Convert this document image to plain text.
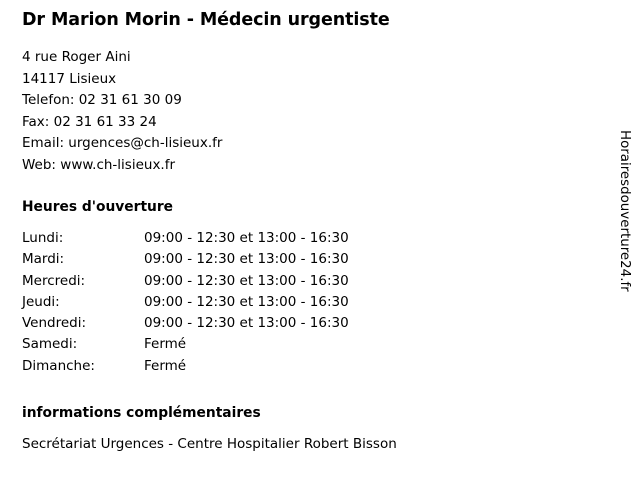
Dr Marion Morin - Médecin urgentiste
4 rue Roger Aini
14117 Lisieux
Telefon: 02 31 61 30 09
Fax: 02 31 61 33 24
Email: urgences@ch-lisieux.fr
Web: www.ch-lisieux.fr
Heures d'ouverture
Lundi:	09:00 - 12:30 et 13:00 - 16:30
Mardi:	09:00 - 12:30 et 13:00 - 16:30
Mercredi:	09:00 - 12:30 et 13:00 - 16:30
Jeudi:	09:00 - 12:30 et 13:00 - 16:30
Vendredi:	09:00 - 12:30 et 13:00 - 16:30
Samedi:	Fermé
Dimanche:	Fermé
informations complémentaires
Secrétariat Urgences - Centre Hospitalier Robert Bisson
Horairesdouverture24.fr
